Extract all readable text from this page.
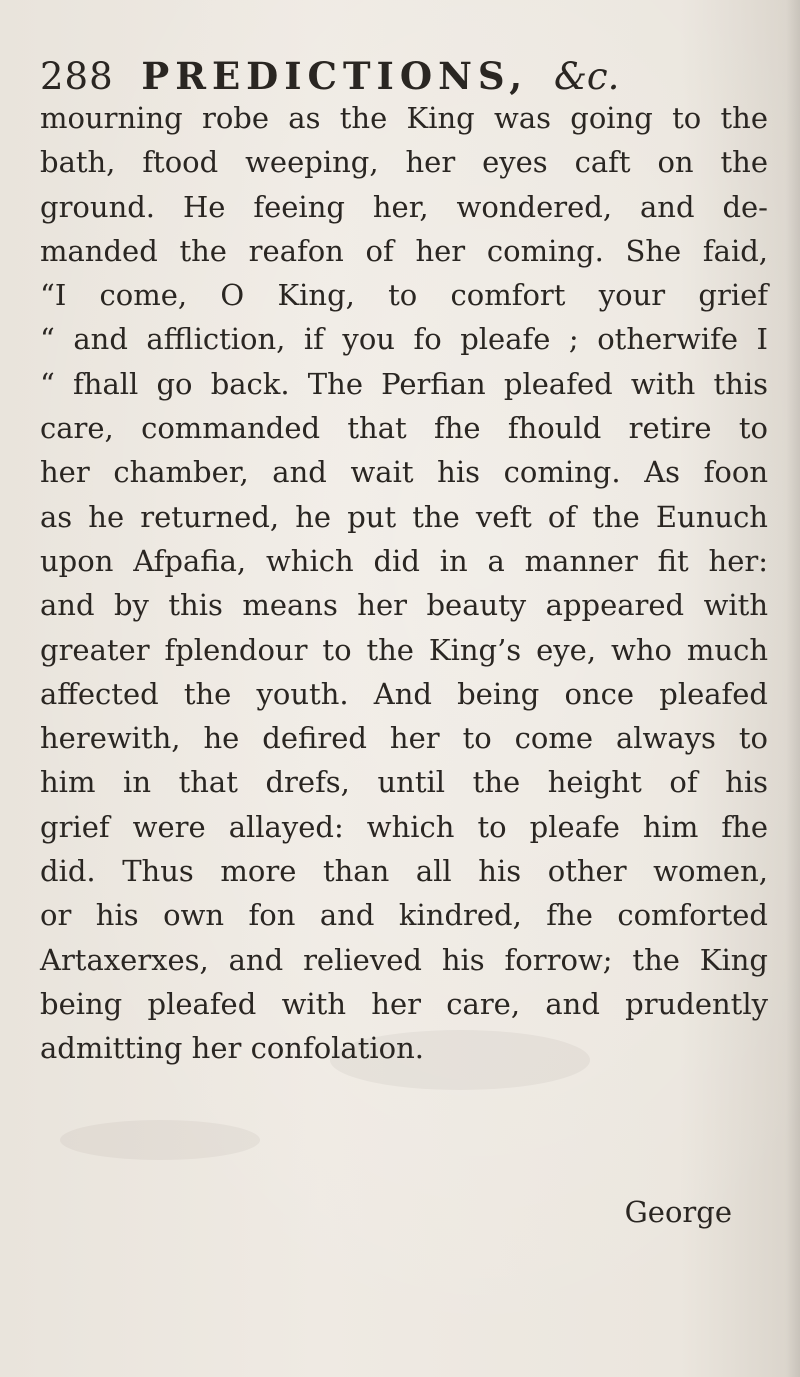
288 PREDICTIONS, &c.
mourning robe as the King was going to the
bath, ftood weeping, her eyes caft on the
ground. He feeing her, wondered, and de-
manded the reafon of her coming. She faid,
“I come, O King, to comfort your grief
“ and affliction, if you fo pleafe ; otherwife I
“ fhall go back. The Perfian pleafed with this
care, commanded that fhe fhould retire to
her chamber, and wait his coming. As foon
as he returned, he put the veft of the Eunuch
upon Afpafia, which did in a manner fit her:
and by this means her beauty appeared with
greater fplendour to the King’s eye, who much
affected the youth. And being once pleafed
herewith, he defired her to come always to
him in that drefs, until the height of his
grief were allayed: which to pleafe him fhe
did. Thus more than all his other women,
or his own fon and kindred, fhe comforted
Artaxerxes, and relieved his forrow; the King
being pleafed with her care, and prudently
admitting her confolation.
George
